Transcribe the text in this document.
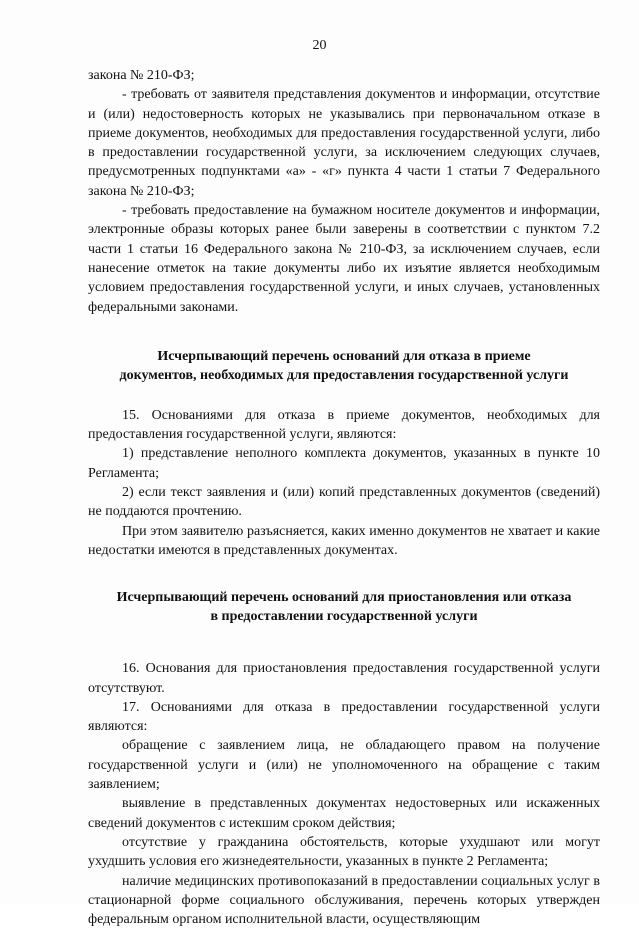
20

закона № 210-ФЗ;

- требовать от заявителя представления документов и информации, отсутствие и (или) недостоверность которых не указывались при первоначальном отказе в приеме документов, необходимых для предоставления государственной услуги, либо в предоставлении государственной услуги, за исключением следующих случаев, предусмотренных подпунктами «а» - «г» пункта 4 части 1 статьи 7 Федерального закона № 210-ФЗ;

- требовать предоставление на бумажном носителе документов и информации, электронные образы которых ранее были заверены в соответствии с пунктом 7.2 части 1 статьи 16 Федерального закона № 210-ФЗ, за исключением случаев, если нанесение отметок на такие документы либо их изъятие является необходимым условием предоставления государственной услуги, и иных случаев, установленных федеральными законами.

Исчерпывающий перечень оснований для отказа в приеме
документов, необходимых для предоставления государственной услуги

15. Основаниями для отказа в приеме документов, необходимых для предоставления государственной услуги, являются:

1) представление неполного комплекта документов, указанных в пункте 10 Регламента;

2) если текст заявления и (или) копий представленных документов (сведений) не поддаются прочтению.

При этом заявителю разъясняется, каких именно документов не хватает и какие недостатки имеются в представленных документах.

Исчерпывающий перечень оснований для приостановления или отказа
в предоставлении государственной услуги

16. Основания для приостановления предоставления государственной услуги отсутствуют.

17. Основаниями для отказа в предоставлении государственной услуги являются:

обращение с заявлением лица, не обладающего правом на получение государственной услуги и (или) не уполномоченного на обращение с таким заявлением;

выявление в представленных документах недостоверных или искаженных сведений документов с истекшим сроком действия;

отсутствие у гражданина обстоятельств, которые ухудшают или могут ухудшить условия его жизнедеятельности, указанных в пункте 2 Регламента;

наличие медицинских противопоказаний в предоставлении социальных услуг в стационарной форме социального обслуживания, перечень которых утвержден федеральным органом исполнительной власти, осуществляющим
